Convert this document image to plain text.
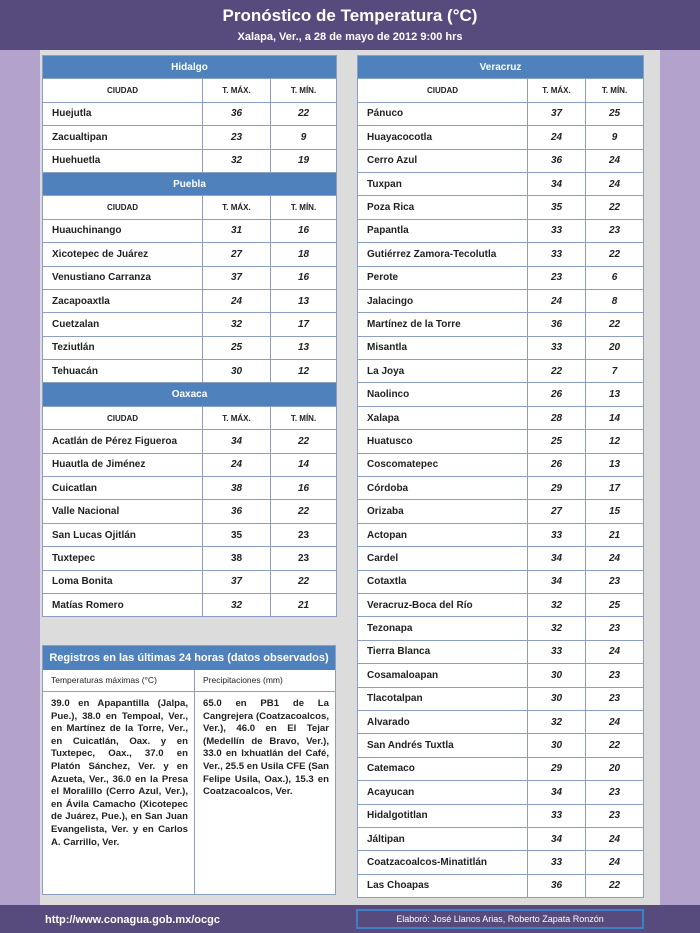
Pronóstico de Temperatura (°C)
Xalapa, Ver., a 28 de mayo de 2012 9:00 hrs
Hidalgo		
CIUDAD	T. MÁX.	T. MÍN.
Huejutla	36	22
Zacualtipan	23	9
Huehuetla	32	19
Puebla		
CIUDAD	T. MÁX.	T. MÍN.
Huauchinango	31	16
Xicotepec de Juárez	27	18
Venustiano Carranza	37	16
Zacapoaxtla	24	13
Cuetzalan	32	17
Teziutlán	25	13
Tehuacán	30	12
Oaxaca		
CIUDAD	T. MÁX.	T. MÍN.
Acatlán de Pérez Figueroa	34	22
Huautla de Jiménez	24	14
Cuicatlan	38	16
Valle Nacional	36	22
San Lucas Ojitlán	35	23
Tuxtepec	38	23
Loma Bonita	37	22
Matías Romero	32	21
Veracruz		
CIUDAD	T. MÁX.	T. MÍN.
Pánuco	37	25
Huayacocotla	24	9
Cerro Azul	36	24
Tuxpan	34	24
Poza Rica	35	22
Papantla	33	23
Gutiérrez Zamora-Tecolutla	33	22
Perote	23	6
Jalacingo	24	8
Martínez de la Torre	36	22
Misantla	33	20
La Joya	22	7
Naolinco	26	13
Xalapa	28	14
Huatusco	25	12
Coscomatepec	26	13
Córdoba	29	17
Orizaba	27	15
Actopan	33	21
Cardel	34	24
Cotaxtla	34	23
Veracruz-Boca del Río	32	25
Tezonapa	32	23
Tierra Blanca	33	24
Cosamaloapan	30	23
Tlacotalpan	30	23
Alvarado	32	24
San Andrés Tuxtla	30	22
Catemaco	29	20
Acayucan	34	23
Hidalgotitlan	33	23
Jáltipan	34	24
Coatzacoalcos-Minatitlán	33	24
Las Choapas	36	22
Registros en las últimas 24 horas (datos observados)
Temperaturas máximas (°C)	Precipitaciones (mm)
39.0 en Apapantilla (Jalpa, Pue.), 38.0 en Tempoal, Ver., en Martínez de la Torre, Ver., en Cuicatlán, Oax. y en Tuxtepec, Oax., 37.0 en Platón Sánchez, Ver. y en Azueta, Ver., 36.0 en la Presa el Moralillo (Cerro Azul, Ver.), en Ávila Camacho (Xicotepec de Juárez, Pue.), en San Juan Evangelista, Ver. y en Carlos A. Carrillo, Ver.
65.0 en PB1 de La Cangrejera (Coatzacoalcos, Ver.), 46.0 en El Tejar (Medellín de Bravo, Ver.), 33.0 en Ixhuatlán del Café, Ver., 25.5 en Usila CFE (San Felipe Usila, Oax.), 15.3 en Coatzacoalcos, Ver.
http://www.conagua.gob.mx/ocgc	Elaboró: José Llanos Arias, Roberto Zapata Ronzón
